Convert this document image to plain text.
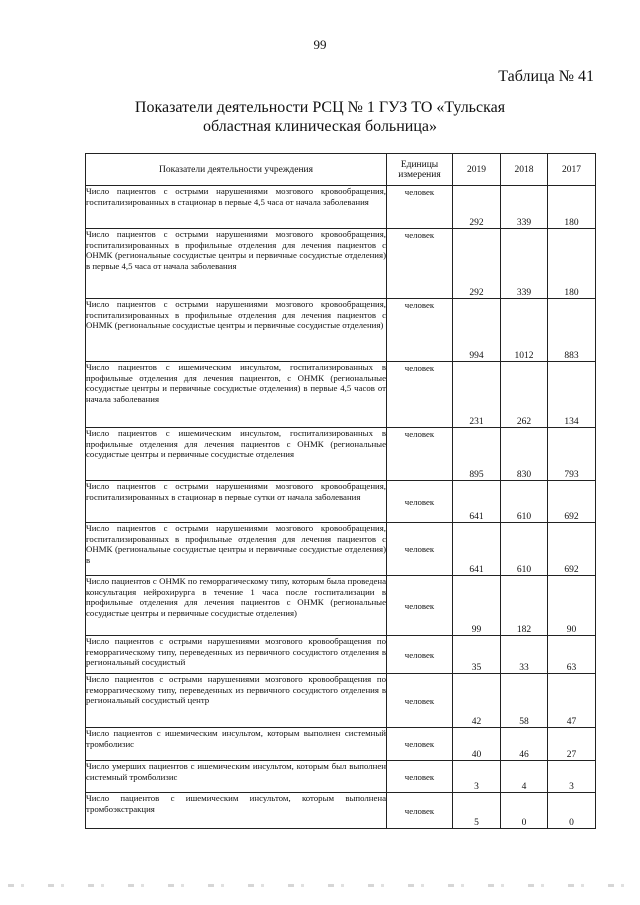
99
Таблица № 41
Показатели деятельности РСЦ № 1 ГУЗ ТО «Тульская областная клиническая больница»
Показатели деятельности учреждения	Единицы измерения	2019	2018	2017
Число пациентов с острыми нарушениями мозгового кровообращения, госпитализированных в стационар в первые 4,5 часа от начала заболевания	человек	292	339	180
Число пациентов с острыми нарушениями мозгового кровообращения, госпитализированных в профильные отделения для лечения пациентов с ОНМК (региональные сосудистые центры и первичные сосудистые отделения) в первые 4,5 часа от начала заболевания	человек	292	339	180
Число пациентов с острыми нарушениями мозгового кровообращения, госпитализированных в профильные отделения для лечения пациентов с ОНМК (региональные сосудистые центры и первичные сосудистые отделения)	человек	994	1012	883
Число пациентов с ишемическим инсультом, госпитализированных в профильные отделения для лечения пациентов, с ОНМК (региональные сосудистые центры и первичные сосудистые отделения) в первые 4,5 часов от начала заболевания	человек	231	262	134
Число пациентов с ишемическим инсультом, госпитализированных в профильные отделения для лечения пациентов с ОНМК (региональные сосудистые центры и первичные сосудистые отделения	человек	895	830	793
Число пациентов с острыми нарушениями мозгового кровообращения, госпитализированных в стационар в первые сутки от начала заболевания	человек	641	610	692
Число пациентов с острыми нарушениями мозгового кровообращения, госпитализированных в профильные отделения для лечения пациентов с ОНМК (региональные сосудистые центры и первичные сосудистые отделения) в	человек	641	610	692
Число пациентов с ОНМК по геморрагическому типу, которым была проведена консультация нейрохирурга в течение 1 часа после госпитализации в профильные отделения для лечения пациентов с ОНМК (региональные сосудистые центры и первичные сосудистые отделения)	человек	99	182	90
Число пациентов с острыми нарушениями мозгового кровообращения по геморрагическому типу, переведенных из первичного сосудистого отделения в региональный сосудистый	человек	35	33	63
Число пациентов с острыми нарушениями мозгового кровообращения по геморрагическому типу, переведенных из первичного сосудистого отделения в региональный сосудистый центр	человек	42	58	47
Число пациентов с ишемическим инсультом, которым выполнен системный тромболизис	человек	40	46	27
Число умерших пациентов с ишемическим инсультом, которым был выполнен системный тромболизис	человек	3	4	3
Число пациентов с ишемическим инсультом, которым выполнена тромбоэкстракция	человек	5	0	0
